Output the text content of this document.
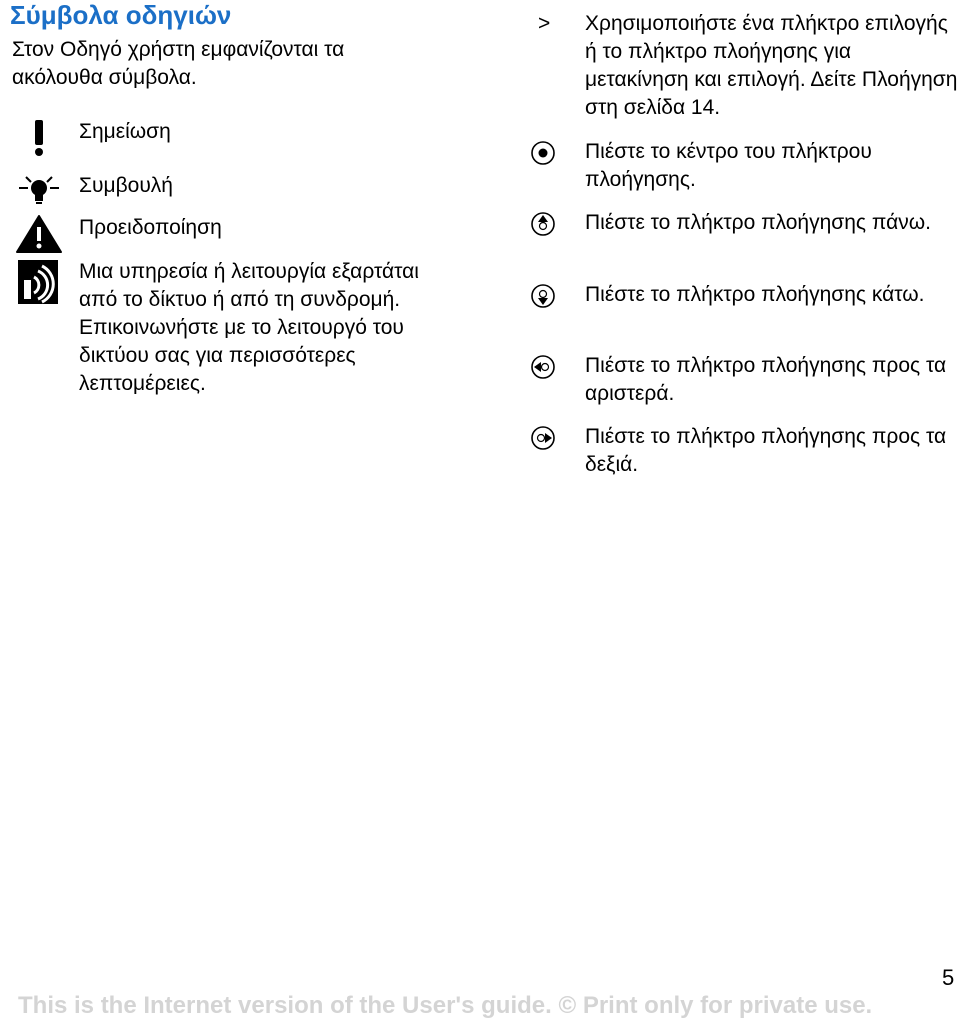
Σύμβολα οδηγιών
Στον Οδηγό χρήστη εμφανίζονται τα ακόλουθα σύμβολα.
Σημείωση
Συμβουλή
Προειδοποίηση
Μια υπηρεσία ή λειτουργία εξαρτάται από το δίκτυο ή από τη συνδρομή. Επικοινωνήστε με το λειτουργό του δικτύου σας για περισσότερες λεπτομέρειες.
> Χρησιμοποιήστε ένα πλήκτρο επιλογής ή το πλήκτρο πλοήγησης για μετακίνηση και επιλογή. Δείτε Πλοήγηση στη σελίδα 14.
Πιέστε το κέντρο του πλήκτρου πλοήγησης.
Πιέστε το πλήκτρο πλοήγησης πάνω.
Πιέστε το πλήκτρο πλοήγησης κάτω.
Πιέστε το πλήκτρο πλοήγησης προς τα αριστερά.
Πιέστε το πλήκτρο πλοήγησης προς τα δεξιά.
5
This is the Internet version of the User's guide. © Print only for private use.
